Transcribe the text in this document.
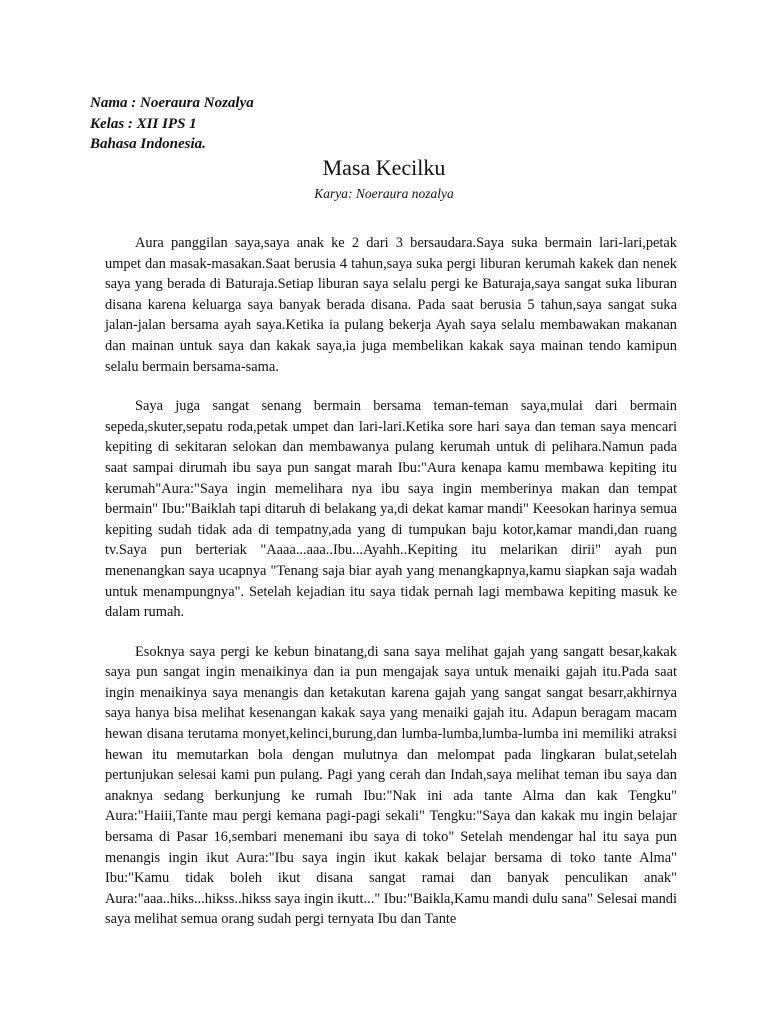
Nama : Noeraura Nozalya
Kelas : XII IPS 1
Bahasa Indonesia.
Masa Kecilku
Karya: Noeraura nozalya

Aura panggilan saya,saya anak ke 2 dari 3 bersaudara.Saya suka bermain lari-lari,petak umpet dan masak-masakan.Saat berusia 4 tahun,saya suka pergi liburan kerumah kakek dan nenek saya yang berada di Baturaja.Setiap liburan saya selalu pergi ke Baturaja,saya sangat suka liburan disana karena keluarga saya banyak berada disana. Pada saat berusia 5 tahun,saya sangat suka jalan-jalan bersama ayah saya.Ketika ia pulang bekerja Ayah saya selalu membawakan makanan dan mainan untuk saya dan kakak saya,ia juga membelikan kakak saya mainan tendo kamipun selalu bermain bersama-sama.

Saya juga sangat senang bermain bersama teman-teman saya,mulai dari bermain sepeda,skuter,sepatu roda,petak umpet dan lari-lari.Ketika sore hari saya dan teman saya mencari kepiting di sekitaran selokan dan membawanya pulang kerumah untuk di pelihara.Namun pada saat sampai dirumah ibu saya pun sangat marah Ibu:"Aura kenapa kamu membawa kepiting itu kerumah"Aura:"Saya ingin memelihara nya ibu saya ingin memberinya makan dan tempat bermain" Ibu:"Baiklah tapi ditaruh di belakang ya,di dekat kamar mandi" Keesokan harinya semua kepiting sudah tidak ada di tempatny,ada yang di tumpukan baju kotor,kamar mandi,dan ruang tv.Saya pun berteriak "Aaaa...aaa..Ibu...Ayahh..Kepiting itu melarikan dirii" ayah pun menenangkan saya ucapnya "Tenang saja biar ayah yang menangkapnya,kamu siapkan saja wadah untuk menampungnya". Setelah kejadian itu saya tidak pernah lagi membawa kepiting masuk ke dalam rumah.

Esoknya saya pergi ke kebun binatang,di sana saya melihat gajah yang sangatt besar,kakak saya pun sangat ingin menaikinya dan ia pun mengajak saya untuk menaiki gajah itu.Pada saat ingin menaikinya saya menangis dan ketakutan karena gajah yang sangat sangat besarr,akhirnya saya hanya bisa melihat kesenangan kakak saya yang menaiki gajah itu. Adapun beragam macam hewan disana terutama monyet,kelinci,burung,dan lumba-lumba,lumba-lumba ini memiliki atraksi hewan itu memutarkan bola dengan mulutnya dan melompat pada lingkaran bulat,setelah pertunjukan selesai kami pun pulang. Pagi yang cerah dan Indah,saya melihat teman ibu saya dan anaknya sedang berkunjung ke rumah Ibu:"Nak ini ada tante Alma dan kak Tengku" Aura:"Haiii,Tante mau pergi kemana pagi-pagi sekali" Tengku:"Saya dan kakak mu ingin belajar bersama di Pasar 16,sembari menemani ibu saya di toko" Setelah mendengar hal itu saya pun menangis ingin ikut Aura:"Ibu saya ingin ikut kakak belajar bersama di toko tante Alma" Ibu:"Kamu tidak boleh ikut disana sangat ramai dan banyak penculikan anak" Aura:"aaa..hiks...hikss..hikss saya ingin ikutt..." Ibu:"Baikla,Kamu mandi dulu sana" Selesai mandi saya melihat semua orang sudah pergi ternyata Ibu dan Tante
